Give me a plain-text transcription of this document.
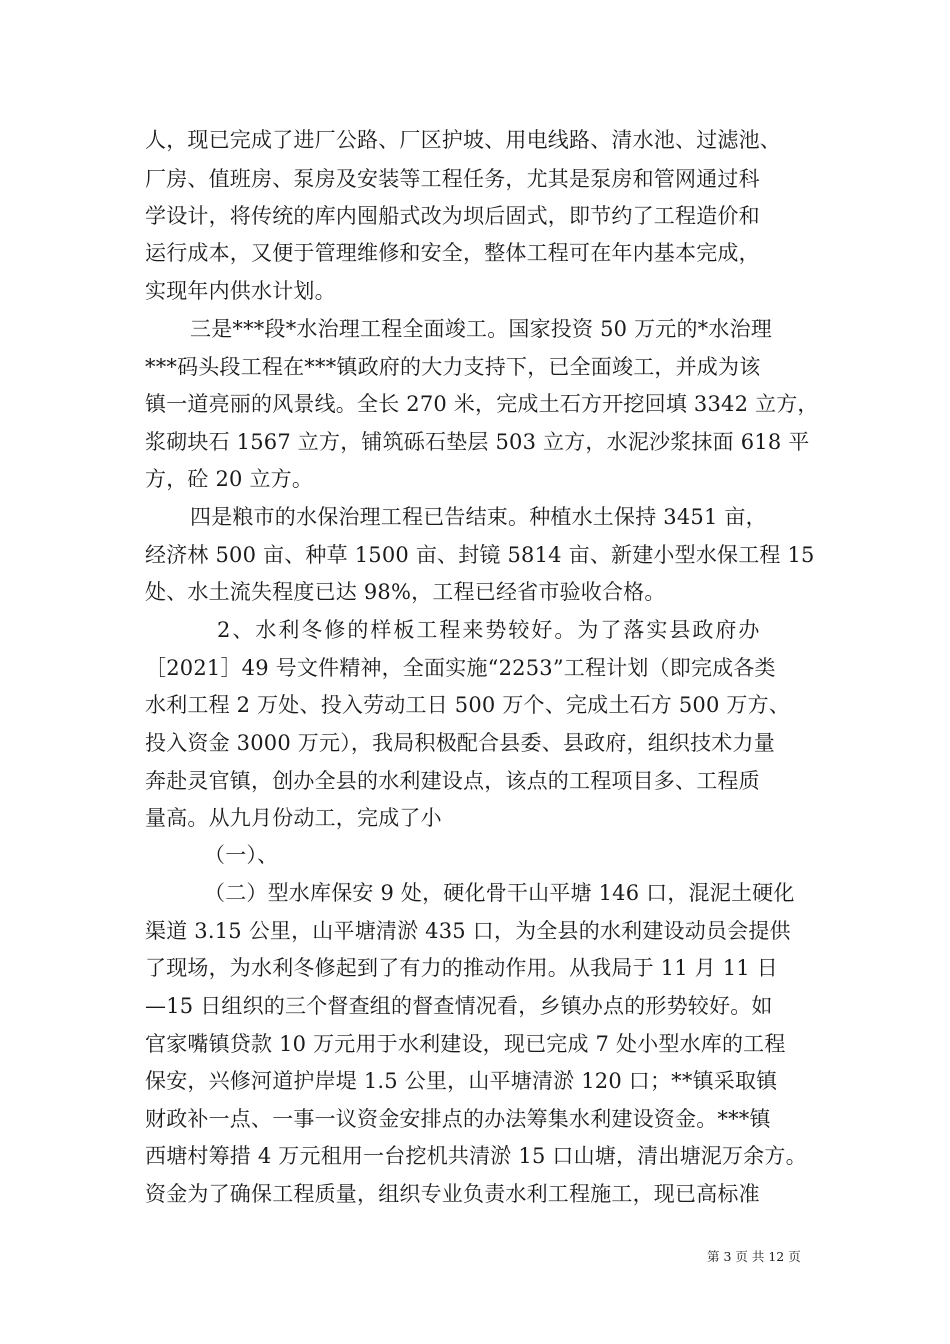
人，现已完成了进厂公路、厂区护坡、用电线路、清水池、过滤池、
厂房、值班房、泵房及安装等工程任务，尤其是泵房和管网通过科
学设计，将传统的库内囤船式改为坝后固式，即节约了工程造价和
运行成本，又便于管理维修和安全，整体工程可在年内基本完成，
实现年内供水计划。
三是***段*水治理工程全面竣工。国家投资 50 万元的*水治理
***码头段工程在***镇政府的大力支持下，已全面竣工，并成为该
镇一道亮丽的风景线。全长 270 米，完成土石方开挖回填 3342 立方，
浆砌块石 1567 立方，铺筑砾石垫层 503 立方，水泥沙浆抹面 618 平
方，砼 20 立方。
四是粮市的水保治理工程已告结束。种植水土保持 3451 亩，
经济林 500 亩、种草 1500 亩、封镜 5814 亩、新建小型水保工程 15
处、水土流失程度已达 98%，工程已经省市验收合格。
2、水利冬修的样板工程来势较好。为了落实县政府办
［2021］49 号文件精神，全面实施“2253”工程计划（即完成各类
水利工程 2 万处、投入劳动工日 500 万个、完成土石方 500 万方、
投入资金 3000 万元），我局积极配合县委、县政府，组织技术力量
奔赴灵官镇，创办全县的水利建设点，该点的工程项目多、工程质
量高。从九月份动工，完成了小
（一）、
（二）型水库保安 9 处，硬化骨干山平塘 146 口，混泥土硬化
渠道 3.15 公里，山平塘清淤 435 口，为全县的水利建设动员会提供
了现场，为水利冬修起到了有力的推动作用。从我局于 11 月 11 日
—15 日组织的三个督查组的督查情况看，乡镇办点的形势较好。如
官家嘴镇贷款 10 万元用于水利建设，现已完成 7 处小型水库的工程
保安，兴修河道护岸堤 1.5 公里，山平塘清淤 120 口；**镇采取镇
财政补一点、一事一议资金安排点的办法筹集水利建设资金。***镇
西塘村筹措 4 万元租用一台挖机共清淤 15 口山塘，清出塘泥万余方。
资金为了确保工程质量，组织专业负责水利工程施工，现已高标准
第 3 页 共 12 页
